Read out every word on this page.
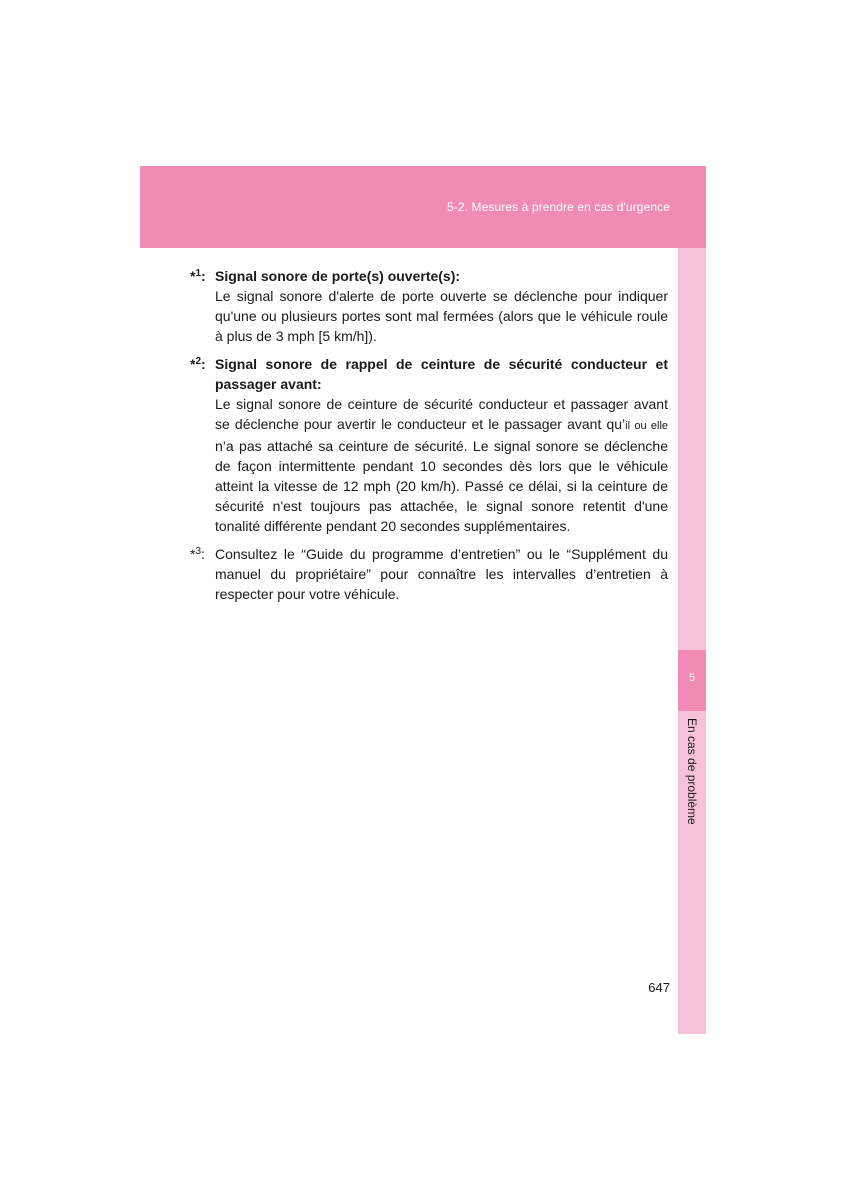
5-2. Mesures à prendre en cas d'urgence
5
En cas de problème
*$^1$: Signal sonore de porte(s) ouverte(s):
Le signal sonore d'alerte de porte ouverte se déclenche pour indiquer qu'une ou plusieurs portes sont mal fermées (alors que le véhicule roule à plus de 3 mph [5 km/h]).
*$^2$: Signal sonore de rappel de ceinture de sécurité conducteur et passager avant:
Le signal sonore de ceinture de sécurité conducteur et passager avant se déclenche pour avertir le conducteur et le passager avant qu’il ou elle n’a pas attaché sa ceinture de sécurité. Le signal sonore se déclenche de façon intermittente pendant 10 secondes dès lors que le véhicule atteint la vitesse de 12 mph (20 km/h). Passé ce délai, si la ceinture de sécurité n'est toujours pas attachée, le signal sonore retentit d'une tonalité différente pendant 20 secondes supplémentaires.
*$^3$: Consultez le “Guide du programme d’entretien” ou le “Supplément du manuel du propriétaire” pour connaître les intervalles d’entretien à respecter pour votre véhicule.
647
